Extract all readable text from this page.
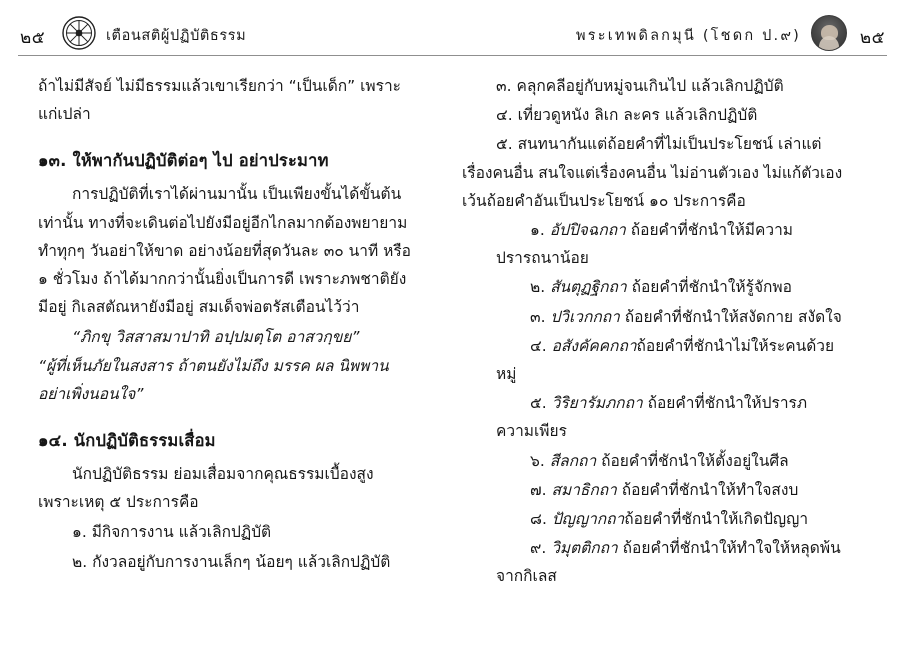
๒๕	เตือนสติผู้ปฏิบัติธรรม	พระเทพดิลกมุนี (โชดก ป.๙)	๒๕

ถ้าไม่มีสัจย์ ไม่มีธรรมแล้วเขาเรียกว่า “เป็นเด็ก” เพราะแก่เปล่า

๑๓. ให้พากันปฏิบัติต่อๆ ไป อย่าประมาท

การปฏิบัติที่เราได้ผ่านมานั้น เป็นเพียงขั้นได้ขั้นต้นเท่านั้น ทางที่จะเดินต่อไปยังมีอยู่อีกไกลมากต้องพยายามทำทุกๆ วันอย่าให้ขาด อย่างน้อยที่สุดวันละ ๓๐ นาที หรือ ๑ ชั่วโมง ถ้าได้มากกว่านั้นยิ่งเป็นการดี เพราะภพชาติยังมีอยู่ กิเลสตัณหายังมีอยู่ สมเด็จพ่อตรัสเตือนไว้ว่า

“ภิกขุ วิสสาสมาปาทิ อปฺปมตฺโต อาสวกฺขย”

“ผู้ที่เห็นภัยในสงสาร ถ้าตนยังไม่ถึง มรรค ผล นิพพาน อย่าเพิ่งนอนใจ”

๑๔. นักปฏิบัติธรรมเสื่อม

นักปฏิบัติธรรม ย่อมเสื่อมจากคุณธรรมเบื้องสูง เพราะเหตุ ๕ ประการคือ

๑. มีกิจการงาน แล้วเลิกปฏิบัติ

๒. กังวลอยู่กับการงานเล็กๆ น้อยๆ แล้วเลิกปฏิบัติ

๓. คลุกคลีอยู่กับหมู่จนเกินไป แล้วเลิกปฏิบัติ

๔. เที่ยวดูหนัง ลิเก ละคร แล้วเลิกปฏิบัติ

๕. สนทนากันแต่ถ้อยคำที่ไม่เป็นประโยชน์ เล่าแต่เรื่องคนอื่น สนใจแต่เรื่องคนอื่น ไม่อ่านตัวเอง ไม่แก้ตัวเอง เว้นถ้อยคำอันเป็นประโยชน์ ๑๐ ประการคือ

๑. อัปปิจฉกถา ถ้อยคำที่ชักนำให้มีความปรารถนาน้อย

๒. สันตุฏฐิกถา ถ้อยคำที่ชักนำให้รู้จักพอ

๓. ปวิเวกกถา ถ้อยคำที่ชักนำให้สงัดกาย สงัดใจ

๔. อสังคัคคกถาถ้อยคำที่ชักนำไม่ให้ระคนด้วยหมู่

๕. วิริยารัมภกถา ถ้อยคำที่ชักนำให้ปรารภความเพียร

๖. สีลกถา ถ้อยคำที่ชักนำให้ตั้งอยู่ในศีล

๗. สมาธิกถา ถ้อยคำที่ชักนำให้ทำใจสงบ

๘. ปัญญากถาถ้อยคำที่ชักนำให้เกิดปัญญา

๙. วิมุตติกถา ถ้อยคำที่ชักนำให้ทำใจให้หลุดพ้นจากกิเลส
